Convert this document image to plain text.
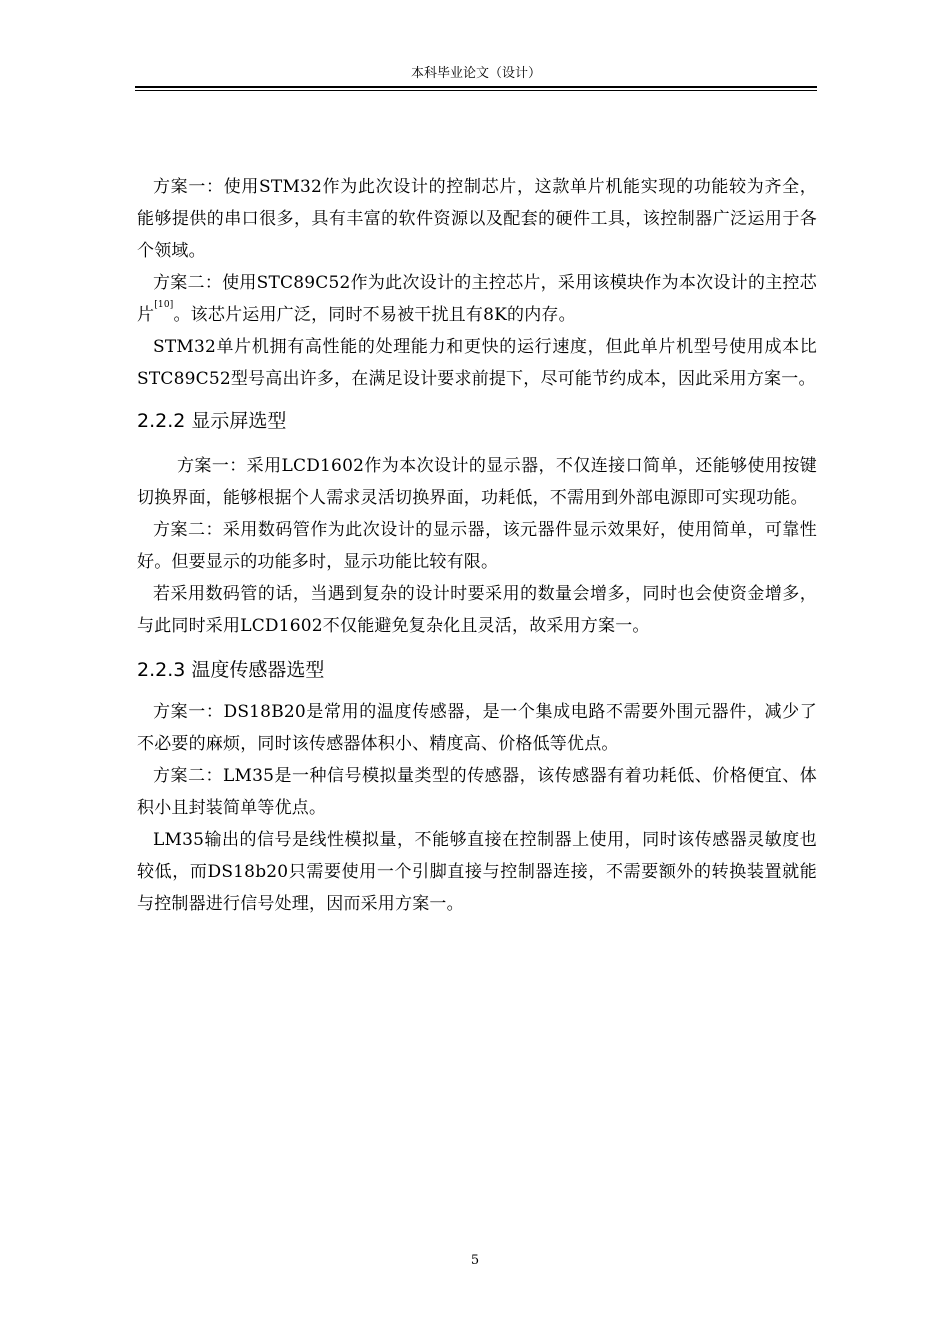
本科毕业论文（设计）

方案一：使用STM32作为此次设计的控制芯片，这款单片机能实现的功能较为齐全，能够提供的串口很多，具有丰富的软件资源以及配套的硬件工具，该控制器广泛运用于各个领域。

方案二：使用STC89C52作为此次设计的主控芯片，采用该模块作为本次设计的主控芯片[10]。该芯片运用广泛，同时不易被干扰且有8K的内存。

STM32单片机拥有高性能的处理能力和更快的运行速度，但此单片机型号使用成本比STC89C52型号高出许多，在满足设计要求前提下，尽可能节约成本，因此采用方案一。

2.2.2 显示屏选型

方案一：采用LCD1602作为本次设计的显示器，不仅连接口简单，还能够使用按键切换界面，能够根据个人需求灵活切换界面，功耗低，不需用到外部电源即可实现功能。

方案二：采用数码管作为此次设计的显示器，该元器件显示效果好，使用简单，可靠性好。但要显示的功能多时，显示功能比较有限。

若采用数码管的话，当遇到复杂的设计时要采用的数量会增多，同时也会使资金增多，与此同时采用LCD1602不仅能避免复杂化且灵活，故采用方案一。

2.2.3 温度传感器选型

方案一：DS18B20是常用的温度传感器，是一个集成电路不需要外围元器件，减少了不必要的麻烦，同时该传感器体积小、精度高、价格低等优点。

方案二：LM35是一种信号模拟量类型的传感器，该传感器有着功耗低、价格便宜、体积小且封装简单等优点。

LM35输出的信号是线性模拟量，不能够直接在控制器上使用，同时该传感器灵敏度也较低，而DS18b20只需要使用一个引脚直接与控制器连接，不需要额外的转换装置就能与控制器进行信号处理，因而采用方案一。

5
